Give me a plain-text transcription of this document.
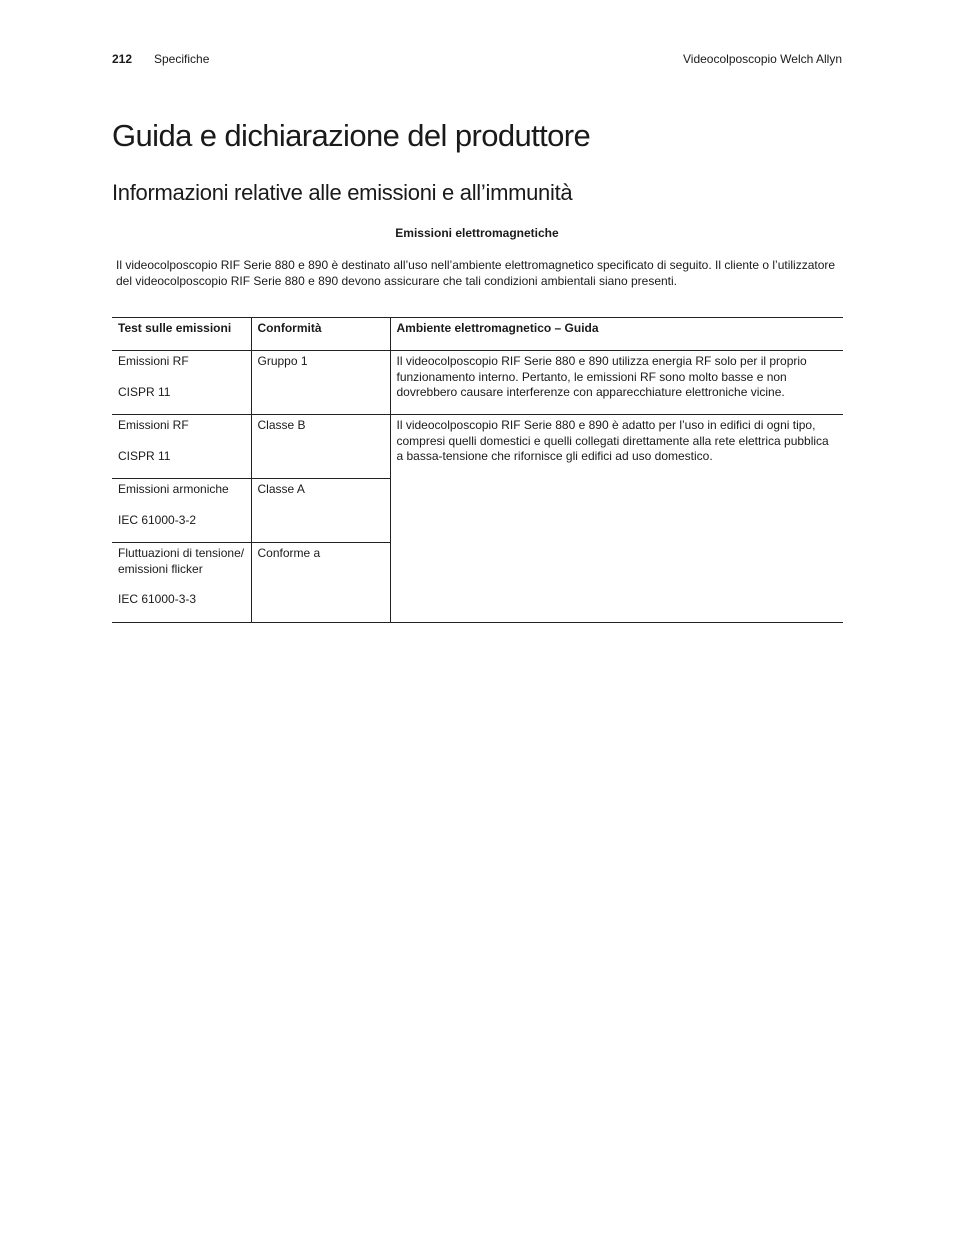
212 Specifiche	Videocolposcopio Welch Allyn
Guida e dichiarazione del produttore
Informazioni relative alle emissioni e all’immunità
Emissioni elettromagnetiche
Il videocolposcopio RIF Serie 880 e 890 è destinato all’uso nell’ambiente elettromagnetico specificato di seguito. Il cliente o l’utilizzatore del videocolposcopio RIF Serie 880 e 890 devono assicurare che tali condizioni ambientali siano presenti.
Test sulle emissioni	Conformità	Ambiente elettromagnetico – Guida
Emissioni RF
CISPR 11	Gruppo 1	Il videocolposcopio RIF Serie 880 e 890 utilizza energia RF solo per il proprio funzionamento interno. Pertanto, le emissioni RF sono molto basse e non dovrebbero causare interferenze con apparecchiature elettroniche vicine.
Emissioni RF
CISPR 11	Classe B	Il videocolposcopio RIF Serie 880 e 890 è adatto per l’uso in edifici di ogni tipo, compresi quelli domestici e quelli collegati direttamente alla rete elettrica pubblica a bassa-tensione che rifornisce gli edifici ad uso domestico.
Emissioni armoniche
IEC 61000-3-2	Classe A	
Fluttuazioni di tensione/ emissioni flicker
IEC 61000-3-3	Conforme a	
